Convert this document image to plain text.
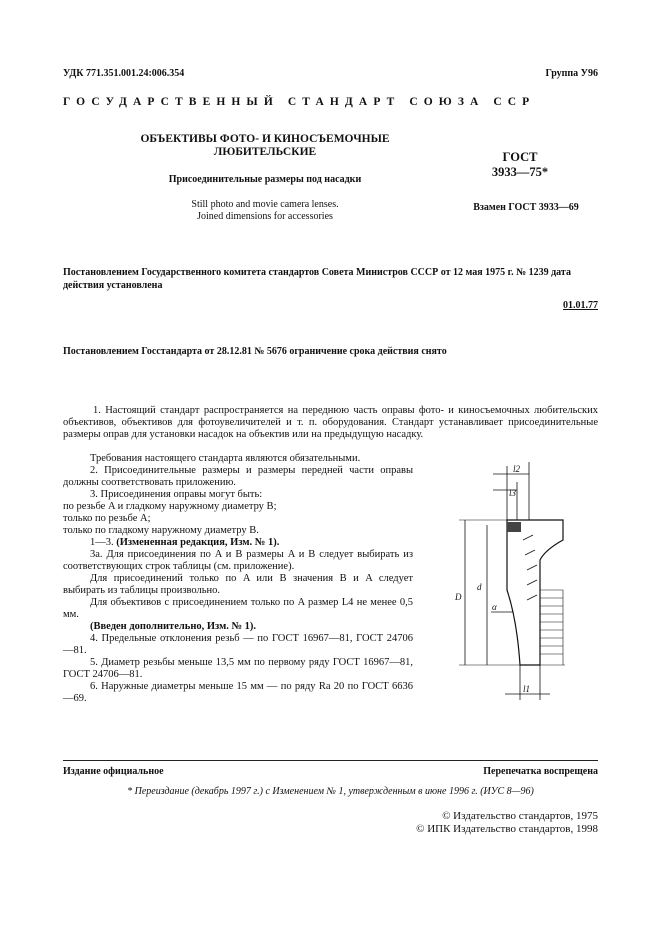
УДК 771.351.001.24:006.354	Группа У96
ГОСУДАРСТВЕННЫЙ СТАНДАРТ СОЮЗА ССР
ОБЪЕКТИВЫ ФОТО- И КИНОСЪЕМОЧНЫЕ
ЛЮБИТЕЛЬСКИЕ
Присоединительные размеры под насадки
Still photo and movie camera lenses.
Joined dimensions for accessories
ГОСТ
3933—75*
Взамен ГОСТ 3933—69
Постановлением Государственного комитета стандартов Совета Министров СССР от 12 мая 1975 г. № 1239 дата действия установлена
01.01.77
Постановлением Госстандарта от 28.12.81 № 5676 ограничение срока действия снято
1. Настоящий стандарт распространяется на переднюю часть оправы фото- и киносъемочных любительских объективов, объективов для фотоувеличителей и т. п. оборудования. Стандарт устанавливает присоединительные размеры оправ для установки насадок на объектив или на предыдущую насадку.

Требования настоящего стандарта являются обязательными.

2. Присоединительные размеры и размеры передней части оправы должны соответствовать приложению.

3. Присоединения оправы могут быть:

по резьбе A и гладкому наружному диаметру B;

только по резьбе A;

только по гладкому наружному диаметру B.

1—3. (Измененная редакция, Изм. № 1).

3а. Для присоединения по A и B размеры A и B следует выбирать из соответствующих строк таблицы (см. приложение).

Для присоединений только по A или B значения B и A следует выбирать из таблицы произвольно.

Для объективов с присоединением только по A размер L4 не менее 0,5 мм.

(Введен дополнительно, Изм. № 1).

4. Предельные отклонения резьб — по ГОСТ 16967—81, ГОСТ 24706—81.

5. Диаметр резьбы меньше 13,5 мм по первому ряду ГОСТ 16967—81, ГОСТ 24706—81.

6. Наружные диаметры меньше 15 мм — по ряду Ra 20 по ГОСТ 6636—69.

l2
l3
D
d
α
l1
Издание официальное	Перепечатка воспрещена
* Переиздание (декабрь 1997 г.) с Изменением № 1, утвержденным в июне 1996 г. (ИУС 8—96)
© Издательство стандартов, 1975
© ИПК Издательство стандартов, 1998
